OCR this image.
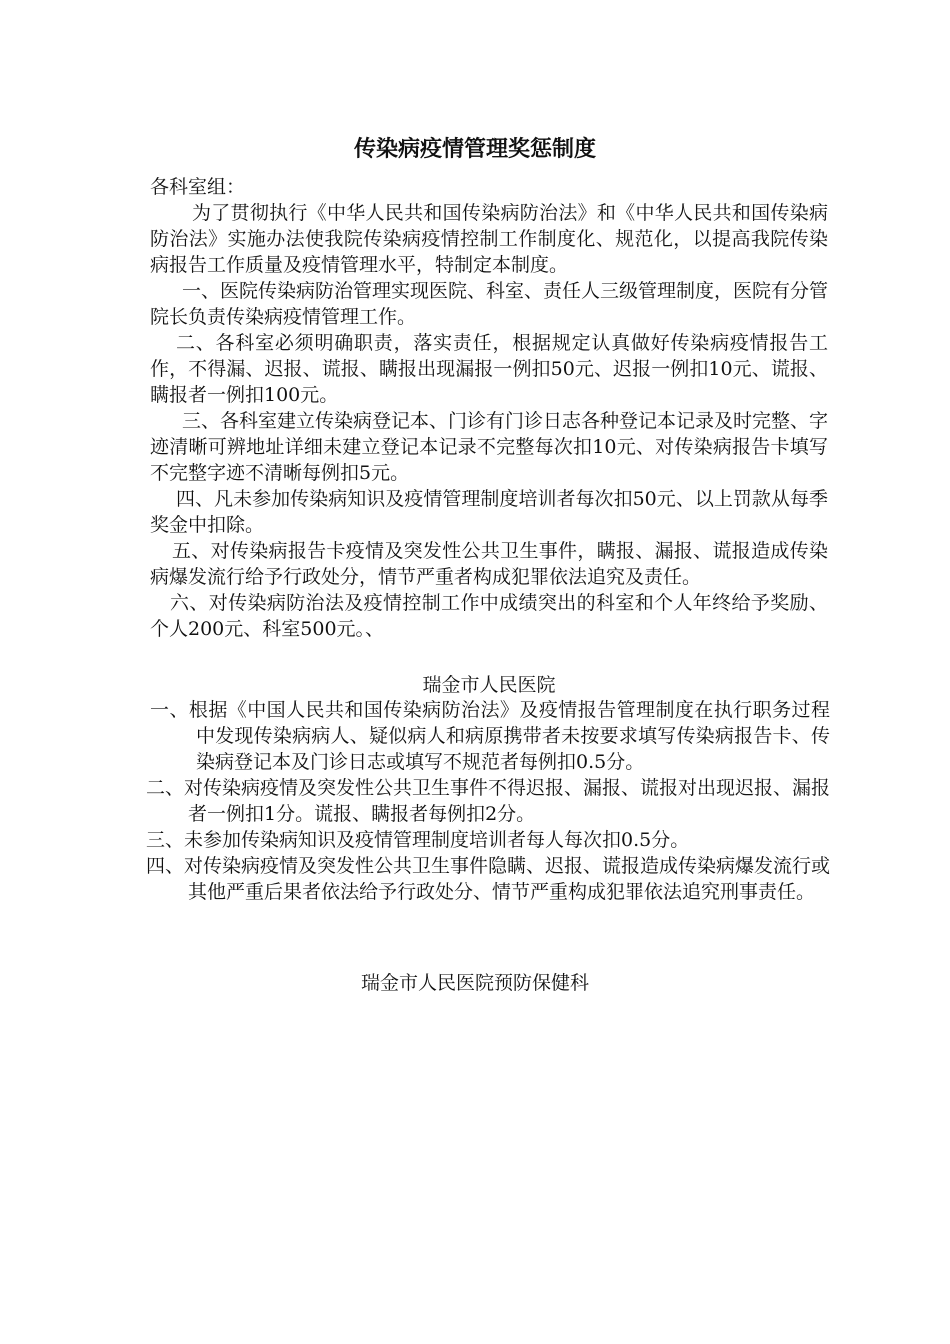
传染病疫情管理奖惩制度

各科室组：

为了贯彻执行《中华人民共和国传染病防治法》和《中华人民共和国传染病防治法》实施办法使我院传染病疫情控制工作制度化、规范化，以提高我院传染病报告工作质量及疫情管理水平，特制定本制度。

一、医院传染病防治管理实现医院、科室、责任人三级管理制度，医院有分管院长负责传染病疫情管理工作。

二、各科室必须明确职责，落实责任，根据规定认真做好传染病疫情报告工作，不得漏、迟报、谎报、瞒报出现漏报一例扣50元、迟报一例扣10元、谎报、瞒报者一例扣100元。

三、各科室建立传染病登记本、门诊有门诊日志各种登记本记录及时完整、字迹清晰可辨地址详细未建立登记本记录不完整每次扣10元、对传染病报告卡填写不完整字迹不清晰每例扣5元。

四、凡未参加传染病知识及疫情管理制度培训者每次扣50元、以上罚款从每季奖金中扣除。

五、对传染病报告卡疫情及突发性公共卫生事件，瞒报、漏报、谎报造成传染病爆发流行给予行政处分，情节严重者构成犯罪依法追究及责任。

六、对传染病防治法及疫情控制工作中成绩突出的科室和个人年终给予奖励、个人200元、科室500元。、

瑞金市人民医院

一、根据《中国人民共和国传染病防治法》及疫情报告管理制度在执行职务过程中发现传染病病人、疑似病人和病原携带者未按要求填写传染病报告卡、传染病登记本及门诊日志或填写不规范者每例扣0.5分。

二、对传染病疫情及突发性公共卫生事件不得迟报、漏报、谎报对出现迟报、漏报者一例扣1分。谎报、瞒报者每例扣2分。

三、未参加传染病知识及疫情管理制度培训者每人每次扣0.5分。

四、对传染病疫情及突发性公共卫生事件隐瞒、迟报、谎报造成传染病爆发流行或其他严重后果者依法给予行政处分、情节严重构成犯罪依法追究刑事责任。

瑞金市人民医院预防保健科
